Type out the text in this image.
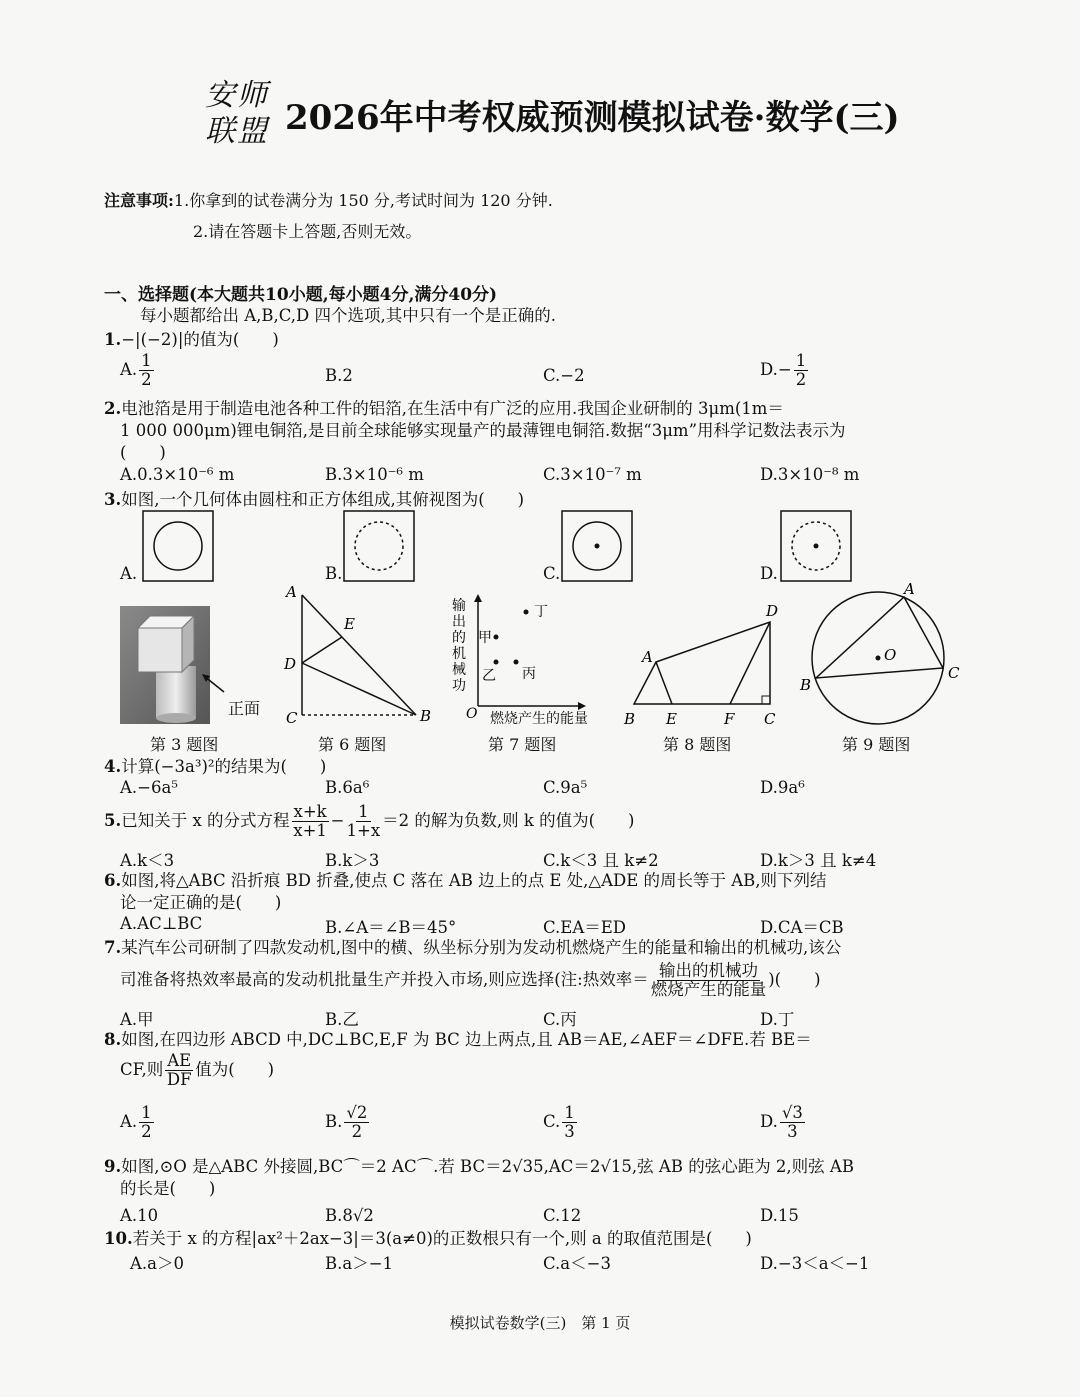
安师
联盟 2026年中考权威预测模拟试卷·数学(三)
注意事项:1.你拿到的试卷满分为 150 分,考试时间为 120 分钟.
2.请在答题卡上答题,否则无效。
一、选择题(本大题共10小题,每小题4分,满分40分)
每小题都给出 A,B,C,D 四个选项,其中只有一个是正确的.
1.−|(−2)|的值为(　　)
A. $\frac{1}{2}$	B.2	C.−2	$D.- \frac{1}{2}$
2.电池箔是用于制造电池各种工件的铝箔,在生活中有广泛的应用.我国企业研制的 3μm(1m＝
1 000 000μm)锂电铜箔,是目前全球能够实现量产的最薄锂电铜箔.数据“3μm”用科学记数法表示为
(　　)
A.0.3×10⁻⁶ m	B.3×10⁻⁶ m	C.3×10⁻⁷ m	D.3×10⁻⁸ m
3.如图,一个几何体由圆柱和正方体组成,其俯视图为(　　)
A.	B.	C.	D.
正面
第 3 题图
A
E
D
C	B
第 6 题图
O
输
出
的
机
械
功
丁
甲
乙 丙
燃烧产生的能量
第 7 题图
A
D
B E	F C
第 8 题图
A
B
C
O
第 9 题图
4.计算(−3a³)²的结果为(　　)
A.−6a⁵	B.6a⁶	C.9a⁵	D.9a⁶
5.已知关于 x 的分式方程 $\frac{x+k}{x+1} - \frac{1}{1+x} =2$ 的解为负数,则 k 的值为(　　)
A.k＜3	B.k＞3	C.k＜3 且 k≠2	D.k＞3 且 k≠4
6.如图,将△ABC 沿折痕 BD 折叠,使点 C 落在 AB 边上的点 E 处,△ADE 的周长等于 AB,则下列结
论一定正确的是(　　)
A.AC⊥BC	B.∠A＝∠B＝45°	C.EA＝ED	D.CA＝CB
7.某汽车公司研制了四款发动机,图中的横、纵坐标分别为发动机燃烧产生的能量和输出的机械功,该公
司准备将热效率最高的发动机批量生产并投入市场,则应选择(注:热效率＝ $\frac{\text{输出的机械功}}{\text{燃烧产生的能量}}$ )(　　)
A.甲	B.乙	C.丙	D.丁
8.如图,在四边形 ABCD 中,DC⊥BC,E,F 为 BC 边上两点,且 AB＝AE,∠AEF＝∠DFE.若 BE＝
CF,则 $\frac{AE}{DF}$ 值为(　　)
A. $\frac{1}{2}$	B. $\frac{√2}{2}$	C. $\frac{1}{3}$	D. $\frac{√3}{3}$
9.如图,⊙O 是△ABC 外接圆,BC⌒＝2 AC⌒.若 BC＝2√35,AC＝2√15,弦 AB 的弦心距为 2,则弦 AB
的长是(　　)
A.10	B.8√2	C.12	D.15
10.若关于 x 的方程|ax²＋2ax−3|＝3(a≠0)的正数根只有一个,则 a 的取值范围是(　　)
A.a＞0	B.a＞−1	C.a＜−3	D.−3＜a＜−1
模拟试卷数学(三)　第 1 页
